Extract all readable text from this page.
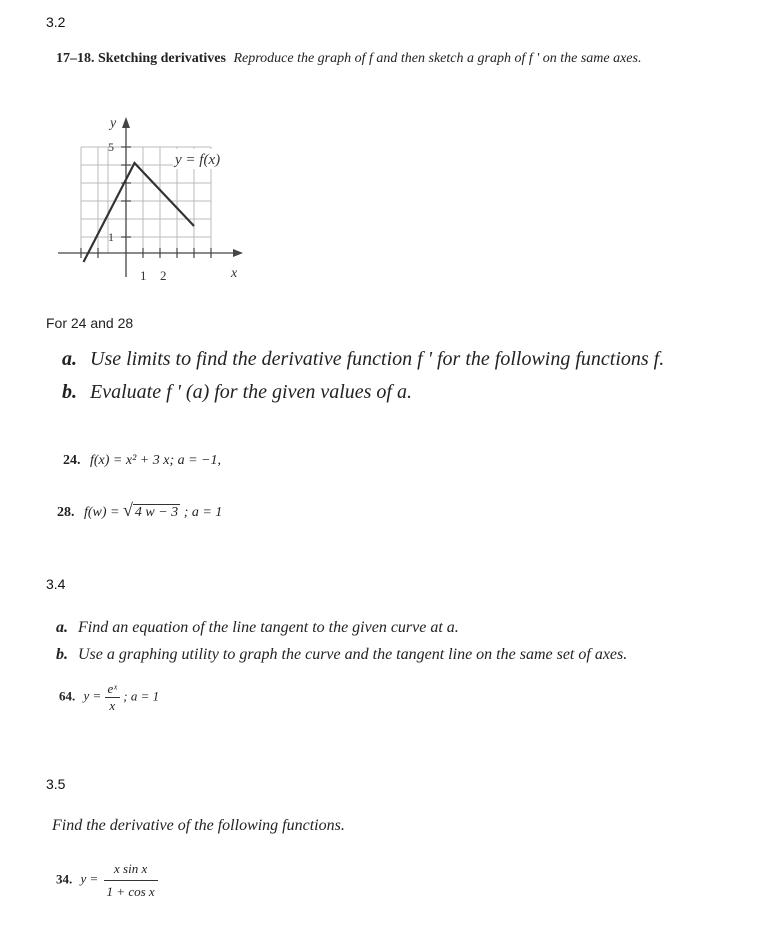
3.2
17–18. Sketching derivatives Reproduce the graph of f and then sketch a graph of f ' on the same axes.
y
5
1
1 2	x
y = f(x)
For 24 and 28
a. Use limits to find the derivative function f ' for the following functions f.
b. Evaluate f ' (a) for the given values of a.
24. f(x) = x² + 3 x; a = −1,
28. f(w) = √ 4 w − 3 ; a = 1
3.4
a. Find an equation of the line tangent to the given curve at a.
b. Use a graphing utility to graph the curve and the tangent line on the same set of axes.
64. $y = \frac{\text{eˣ}}{x}$ ; a = 1
3.5
Find the derivative of the following functions.
34. $y = \frac{\text{x sin x}}{\text{1 + cos x}}$
